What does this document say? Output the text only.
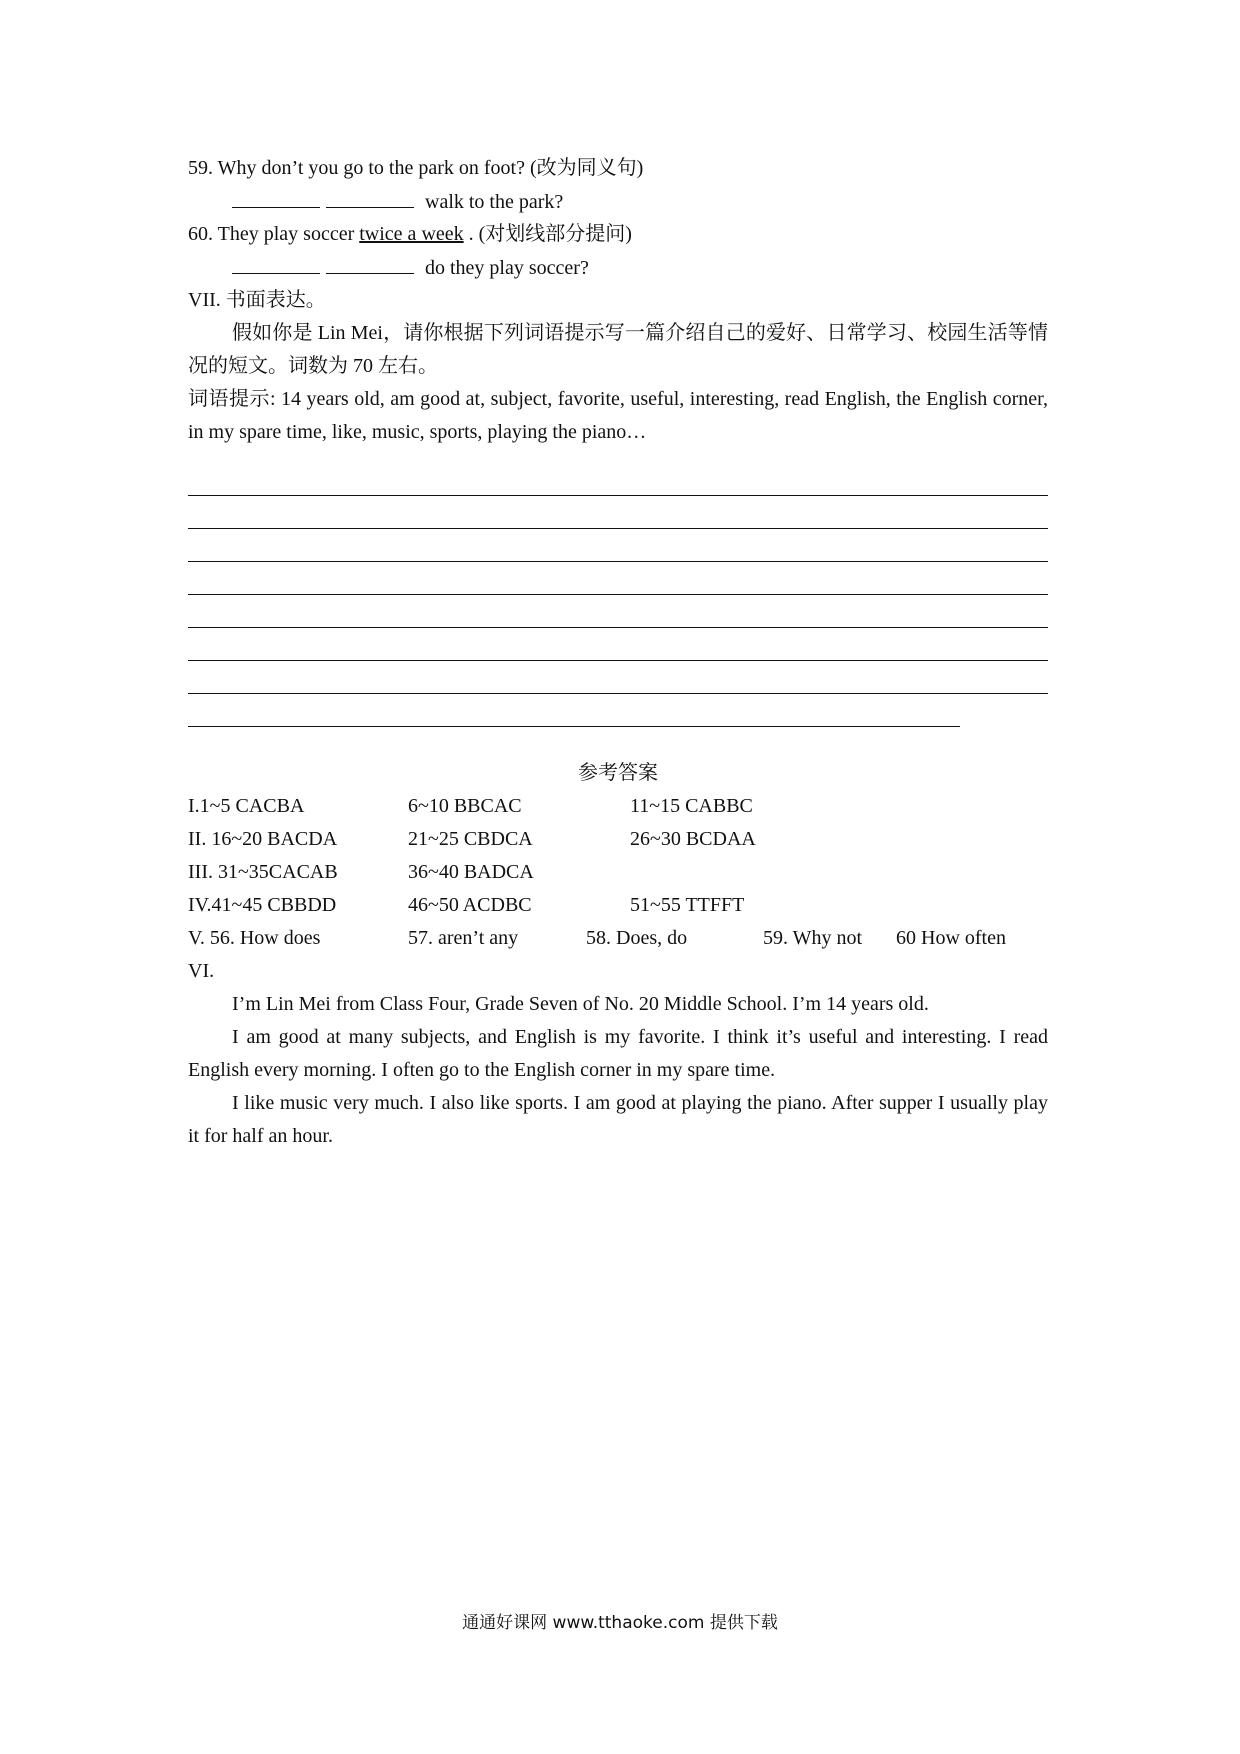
59. Why don’t you go to the park on foot? (改为同义句)
walk to the park?
60. They play soccer twice a week . (对划线部分提问)
do they play soccer?
VII. 书面表达。
假如你是 Lin Mei，请你根据下列词语提示写一篇介绍自己的爱好、日常学习、校园生活等情况的短文。词数为 70 左右。
词语提示: 14 years old, am good at, subject, favorite, useful, interesting, read English, the English corner, in my spare time, like, music, sports, playing the piano…
参考答案
I.1~5 CACBA	6~10 BBCAC	11~15 CABBC
II. 16~20 BACDA	21~25 CBDCA	26~30 BCDAA
III. 31~35CACAB	36~40 BADCA
IV.41~45 CBBDD	46~50 ACDBC	51~55 TTFFT
V. 56. How does	57. aren’t any	58. Does, do	59. Why not 60 How often
VI.
I’m Lin Mei from Class Four, Grade Seven of No. 20 Middle School. I’m 14 years old.
I am good at many subjects, and English is my favorite. I think it’s useful and interesting. I read English every morning. I often go to the English corner in my spare time.
I like music very much. I also like sports. I am good at playing the piano. After supper I usually play it for half an hour.
通通好课网 www.tthaoke.com 提供下载
